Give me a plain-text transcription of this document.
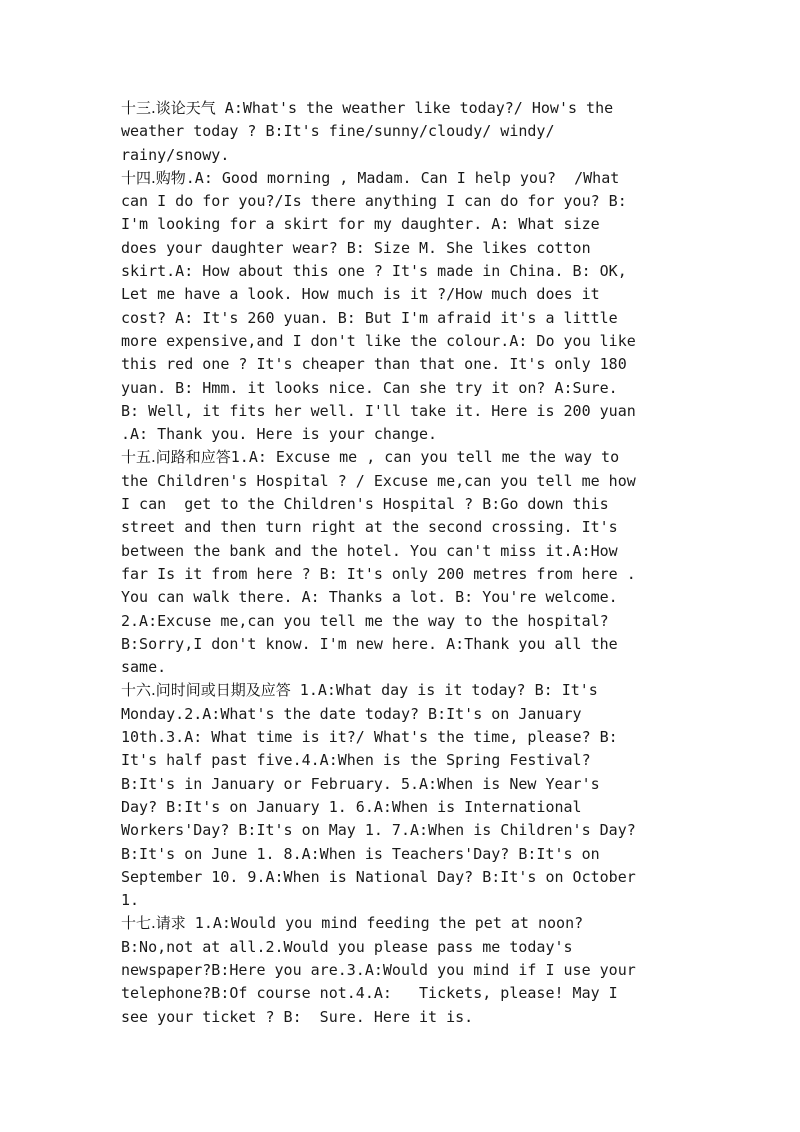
十三.谈论天气 A:What's the weather like today?/ How's the
weather today ? B:It's fine/sunny/cloudy/ windy/
rainy/snowy.
十四.购物.A: Good morning , Madam. Can I help you?  /What
can I do for you?/Is there anything I can do for you? B:
I'm looking for a skirt for my daughter. A: What size
does your daughter wear? B: Size M. She likes cotton
skirt.A: How about this one ? It's made in China. B: OK,
Let me have a look. How much is it ?/How much does it
cost? A: It's 260 yuan. B: But I'm afraid it's a little
more expensive,and I don't like the colour.A: Do you like
this red one ? It's cheaper than that one. It's only 180
yuan. B: Hmm. it looks nice. Can she try it on? A:Sure.
B: Well, it fits her well. I'll take it. Here is 200 yuan
.A: Thank you. Here is your change.
十五.问路和应答1.A: Excuse me , can you tell me the way to
the Children's Hospital ? / Excuse me,can you tell me how
I can  get to the Children's Hospital ? B:Go down this
street and then turn right at the second crossing. It's
between the bank and the hotel. You can't miss it.A:How
far Is it from here ? B: It's only 200 metres from here .
You can walk there. A: Thanks a lot. B: You're welcome.
2.A:Excuse me,can you tell me the way to the hospital?
B:Sorry,I don't know. I'm new here. A:Thank you all the
same.
十六.问时间或日期及应答 1.A:What day is it today? B: It's
Monday.2.A:What's the date today? B:It's on January
10th.3.A: What time is it?/ What's the time, please? B:
It's half past five.4.A:When is the Spring Festival?
B:It's in January or February. 5.A:When is New Year's
Day? B:It's on January 1. 6.A:When is International
Workers'Day? B:It's on May 1. 7.A:When is Children's Day?
B:It's on June 1. 8.A:When is Teachers'Day? B:It's on
September 10. 9.A:When is National Day? B:It's on October
1.
十七.请求 1.A:Would you mind feeding the pet at noon?
B:No,not at all.2.Would you please pass me today's
newspaper?B:Here you are.3.A:Would you mind if I use your
telephone?B:Of course not.4.A:   Tickets, please! May I
see your ticket ? B:  Sure. Here it is.
